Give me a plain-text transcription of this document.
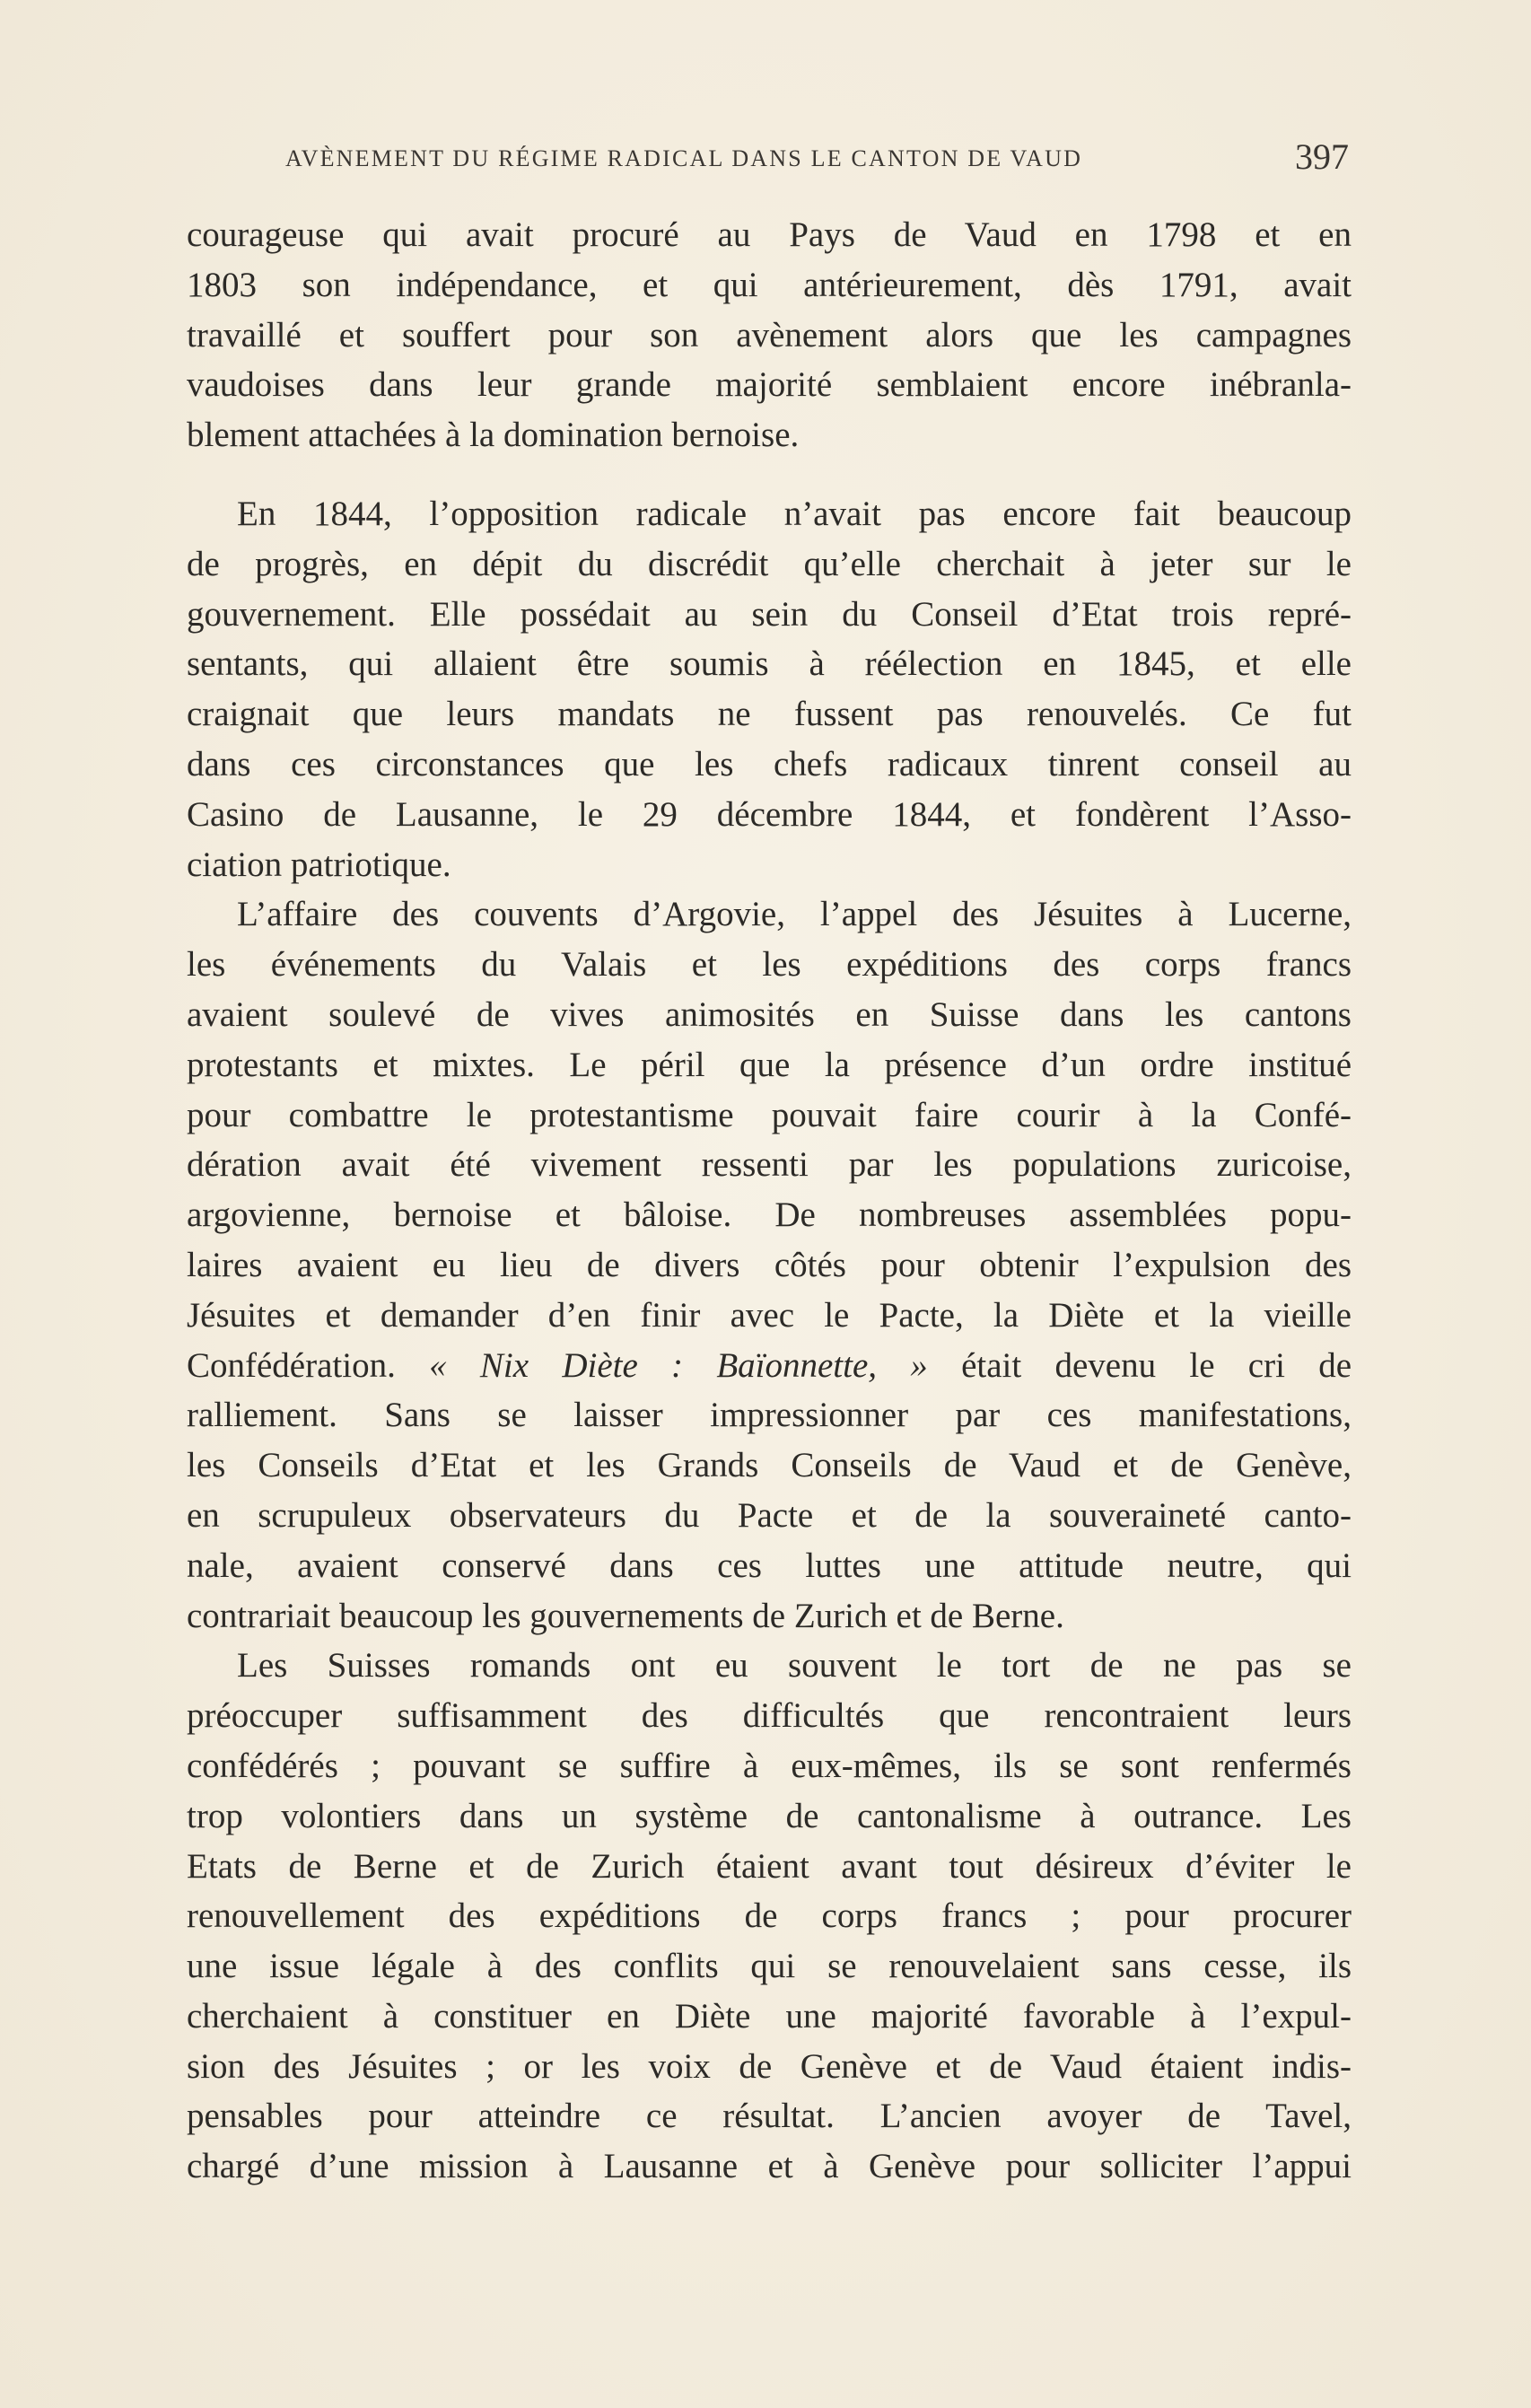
AVÈNEMENT DU RÉGIME RADICAL DANS LE CANTON DE VAUD	397
courageuse qui avait procuré au Pays de Vaud en 1798 et en
1803 son indépendance, et qui antérieurement, dès 1791, avait
travaillé et souffert pour son avènement alors que les campagnes
vaudoises dans leur grande majorité semblaient encore inébranla-
blement attachées à la domination bernoise.
En 1844, l’opposition radicale n’avait pas encore fait beaucoup
de progrès, en dépit du discrédit qu’elle cherchait à jeter sur le
gouvernement. Elle possédait au sein du Conseil d’Etat trois repré-
sentants, qui allaient être soumis à réélection en 1845, et elle
craignait que leurs mandats ne fussent pas renouvelés. Ce fut
dans ces circonstances que les chefs radicaux tinrent conseil au
Casino de Lausanne, le 29 décembre 1844, et fondèrent l’Asso-
ciation patriotique.
L’affaire des couvents d’Argovie, l’appel des Jésuites à Lucerne,
les événements du Valais et les expéditions des corps francs
avaient soulevé de vives animosités en Suisse dans les cantons
protestants et mixtes. Le péril que la présence d’un ordre institué
pour combattre le protestantisme pouvait faire courir à la Confé-
dération avait été vivement ressenti par les populations zuricoise,
argovienne, bernoise et bâloise. De nombreuses assemblées popu-
laires avaient eu lieu de divers côtés pour obtenir l’expulsion des
Jésuites et demander d’en finir avec le Pacte, la Diète et la vieille
Confédération. « Nix Diète : Baïonnette, » était devenu le cri de
ralliement. Sans se laisser impressionner par ces manifestations,
les Conseils d’Etat et les Grands Conseils de Vaud et de Genève,
en scrupuleux observateurs du Pacte et de la souveraineté canto-
nale, avaient conservé dans ces luttes une attitude neutre, qui
contrariait beaucoup les gouvernements de Zurich et de Berne.
Les Suisses romands ont eu souvent le tort de ne pas se
préoccuper suffisamment des difficultés que rencontraient leurs
confédérés ; pouvant se suffire à eux-mêmes, ils se sont renfermés
trop volontiers dans un système de cantonalisme à outrance. Les
Etats de Berne et de Zurich étaient avant tout désireux d’éviter le
renouvellement des expéditions de corps francs ; pour procurer
une issue légale à des conflits qui se renouvelaient sans cesse, ils
cherchaient à constituer en Diète une majorité favorable à l’expul-
sion des Jésuites ; or les voix de Genève et de Vaud étaient indis-
pensables pour atteindre ce résultat. L’ancien avoyer de Tavel,
chargé d’une mission à Lausanne et à Genève pour solliciter l’appui
